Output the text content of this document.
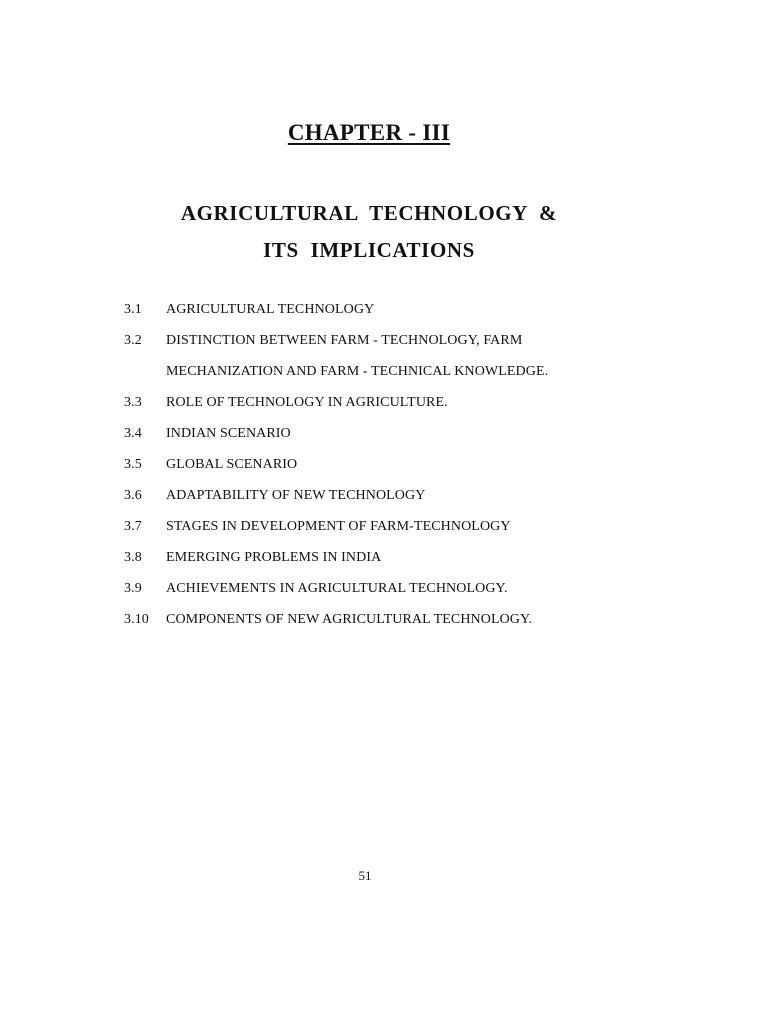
CHAPTER - III
AGRICULTURAL TECHNOLOGY &
ITS IMPLICATIONS
3.1 AGRICULTURAL TECHNOLOGY
3.2 DISTINCTION BETWEEN FARM - TECHNOLOGY, FARM
MECHANIZATION AND FARM - TECHNICAL KNOWLEDGE.
3.3 ROLE OF TECHNOLOGY IN AGRICULTURE.
3.4 INDIAN SCENARIO
3.5 GLOBAL SCENARIO
3.6 ADAPTABILITY OF NEW TECHNOLOGY
3.7 STAGES IN DEVELOPMENT OF FARM-TECHNOLOGY
3.8 EMERGING PROBLEMS IN INDIA
3.9 ACHIEVEMENTS IN AGRICULTURAL TECHNOLOGY.
3.10 COMPONENTS OF NEW AGRICULTURAL TECHNOLOGY.
51
